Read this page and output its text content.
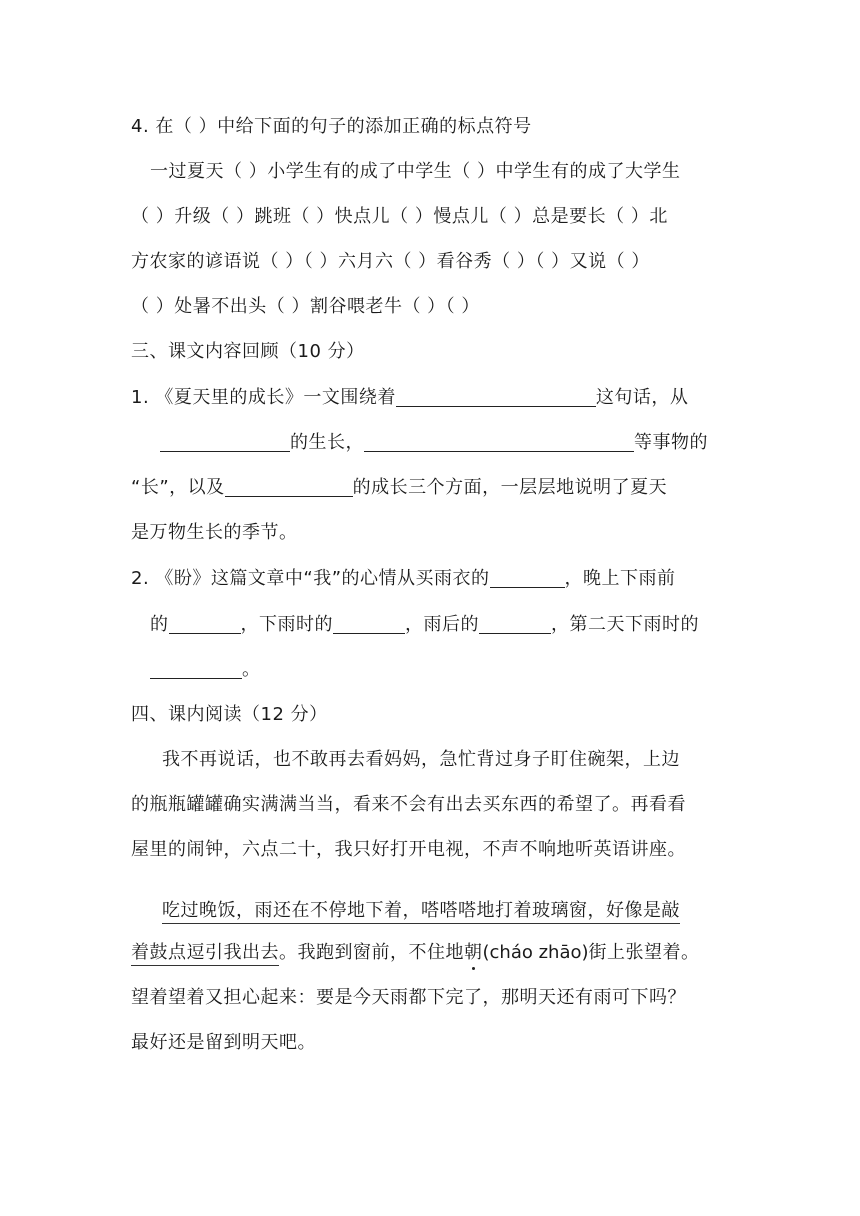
4. 在（ ）中给下面的句子的添加正确的标点符号
一过夏天（ ）小学生有的成了中学生（ ）中学生有的成了大学生
（ ）升级（ ）跳班（ ）快点儿（ ）慢点儿（ ）总是要长（ ）北
方农家的谚语说（ ）（ ）六月六（ ）看谷秀（ ）（ ）又说（ ）
（ ）处暑不出头（ ）割谷喂老牛（ ）（ ）
三、课文内容回顾（10 分）
1. 《夏天里的成长》一文围绕着	这句话，从
的生长，	等事物的
“长”，以及	的成长三个方面，一层层地说明了夏天
是万物生长的季节。
2. 《盼》这篇文章中“我”的心情从买雨衣的	，晚上下雨前
的	，下雨时的	，雨后的	，第二天下雨时的
。
四、课内阅读（12 分）
我不再说话，也不敢再去看妈妈，急忙背过身子盯住碗架，上边
的瓶瓶罐罐确实满满当当，看来不会有出去买东西的希望了。再看看
屋里的闹钟，六点二十，我只好打开电视，不声不响地听英语讲座。
吃过晚饭，雨还在不停地下着，嗒嗒嗒地打着玻璃窗，好像是敲
着鼓点逗引我出去。我跑到窗前，不住地朝(cháo zhāo)街上张望着。
望着望着又担心起来：要是今天雨都下完了，那明天还有雨可下吗？
最好还是留到明天吧。
